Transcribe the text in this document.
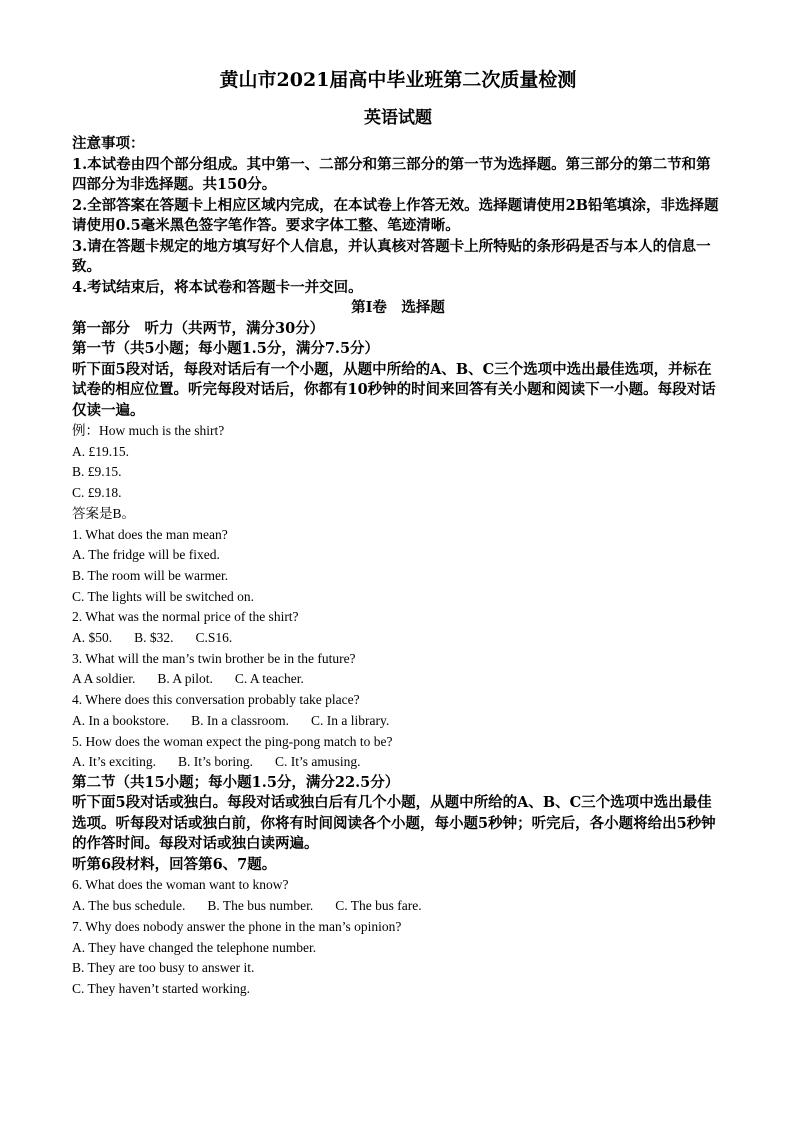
黄山市2021届高中毕业班第二次质量检测
英语试题

注意事项：

1.本试卷由四个部分组成。其中第一、二部分和第三部分的第一节为选择题。第三部分的第二节和第四部分为非选择题。共150分。

2.全部答案在答题卡上相应区域内完成，在本试卷上作答无效。选择题请使用2B铅笔填涂，非选择题请使用0.5毫米黑色签字笔作答。要求字体工整、笔迹清晰。

3.请在答题卡规定的地方填写好个人信息，并认真核对答题卡上所特贴的条形码是否与本人的信息一致。

4.考试结束后，将本试卷和答题卡一并交回。

第Ⅰ卷　选择题

第一部分　听力（共两节，满分30分）

第一节（共5小题；每小题1.5分，满分7.5分）

听下面5段对话，每段对话后有一个小题，从题中所给的A、B、C三个选项中选出最佳选项，并标在试卷的相应位置。听完每段对话后，你都有10秒钟的时间来回答有关小题和阅读下一小题。每段对话仅读一遍。

例：How much is the shirt?

A. £19.15.

B. £9.15.

C. £9.18.

答案是B。

1. What does the man mean?

A. The fridge will be fixed.

B. The room will be warmer.

C. The lights will be switched on.

2. What was the normal price of the shirt?

A. $50. B. $32. C.S16.

3. What will the man’s twin brother be in the future?

A A soldier. B. A pilot. C. A teacher.

4. Where does this conversation probably take place?

A. In a bookstore. B. In a classroom. C. In a library.

5. How does the woman expect the ping-pong match to be?

A. It’s exciting. B. It’s boring. C. It’s amusing.

第二节（共15小题；每小题1.5分，满分22.5分）

听下面5段对话或独白。每段对话或独白后有几个小题，从题中所给的A、B、C三个选项中选出最佳选项。听每段对话或独白前，你将有时间阅读各个小题，每小题5秒钟；听完后，各小题将给出5秒钟的作答时间。每段对话或独白读两遍。

听第6段材料，回答第6、7题。

6. What does the woman want to know?

A. The bus schedule. B. The bus number. C. The bus fare.

7. Why does nobody answer the phone in the man’s opinion?

A. They have changed the telephone number.

B. They are too busy to answer it.

C. They haven’t started working.
